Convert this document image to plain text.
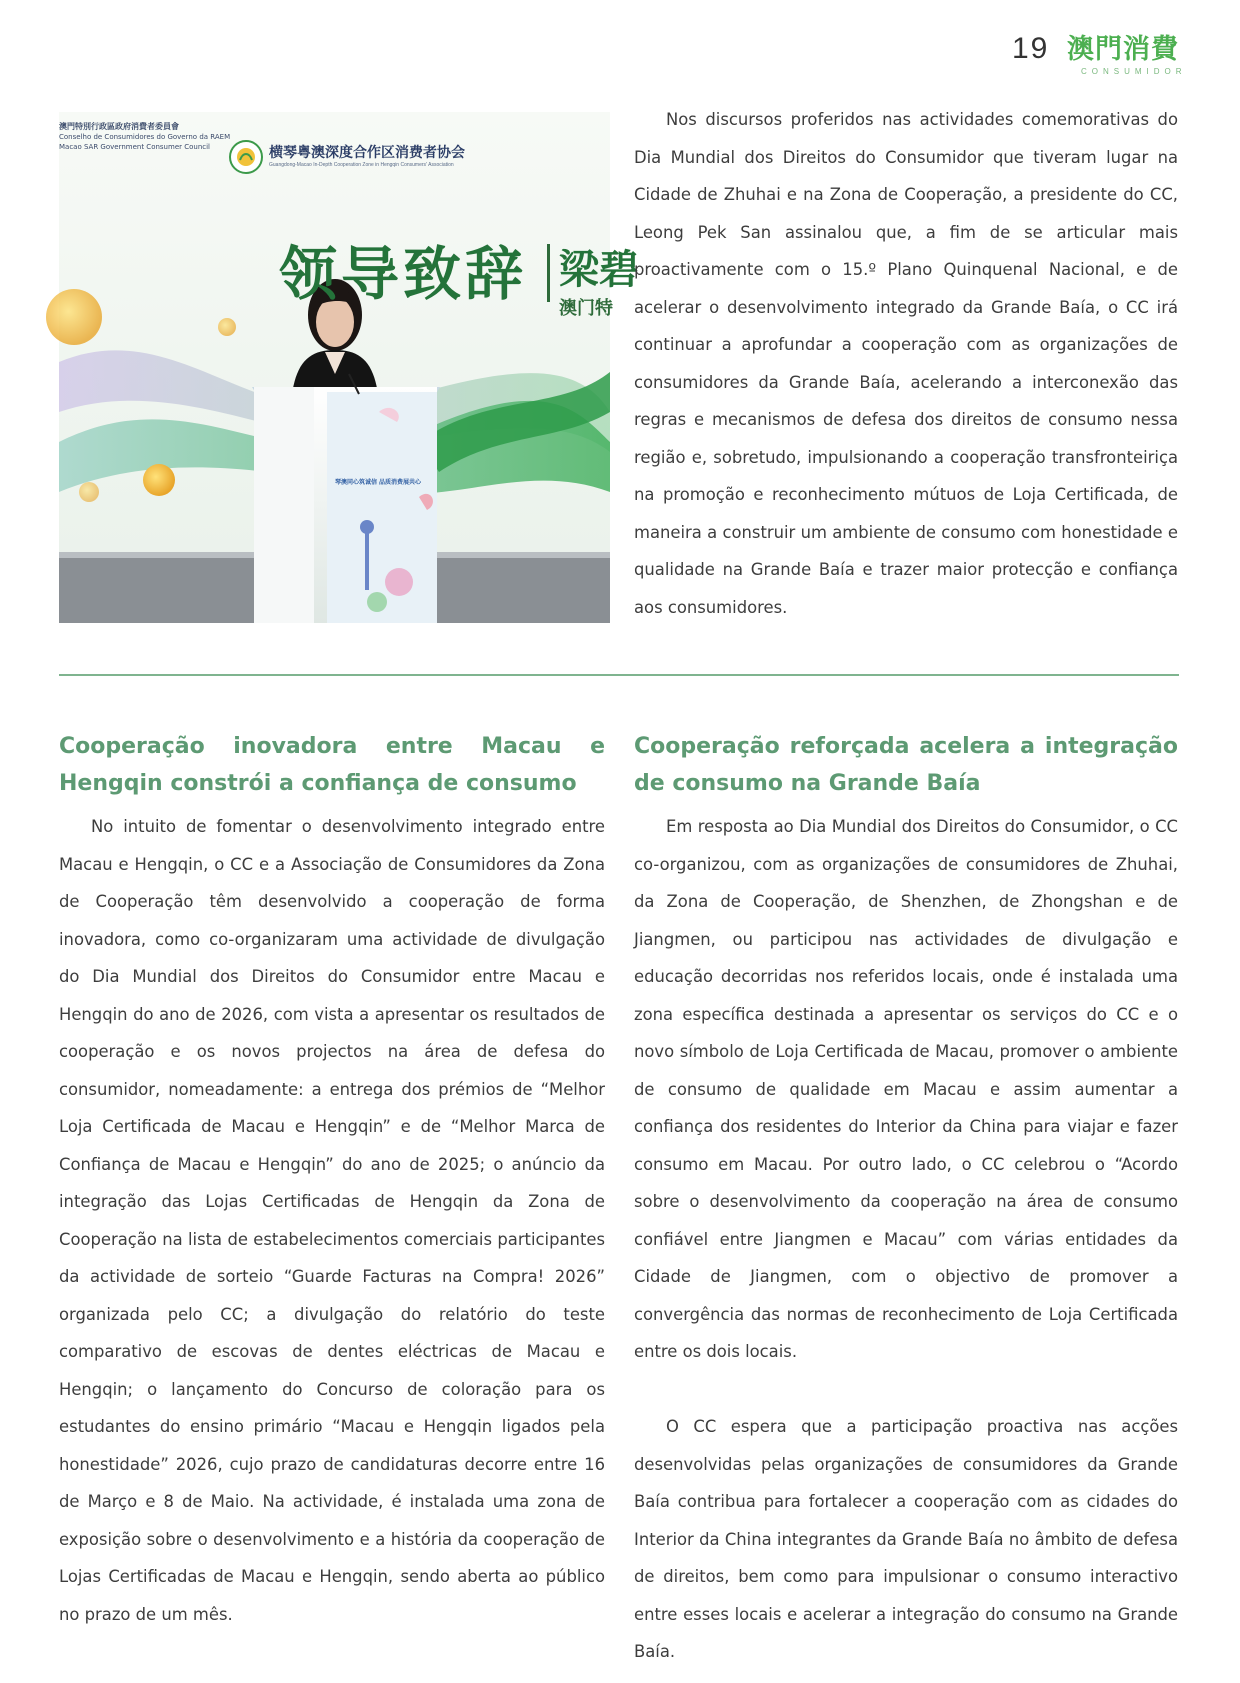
19 澳門消費
CONSUMIDOR
澳門特別行政區政府消費者委員會
Conselho de Consumidores do Governo da RAEM
Macao SAR Government Consumer Council	横琴粤澳深度合作区消费者协会
Guangdong-Macao In-Depth Cooperation Zone in Hengqin Consumers' Association
领导致辞 梁碧
澳门特
琴澳同心筑诚信 品质消费展共心

Nos discursos proferidos nas actividades comemorativas do Dia Mundial dos Direitos do Consumidor que tiveram lugar na Cidade de Zhuhai e na Zona de Cooperação, a presidente do CC, Leong Pek San assinalou que, a fim de se articular mais proactivamente com o 15.º Plano Quinquenal Nacional, e de acelerar o desenvolvimento integrado da Grande Baía, o CC irá continuar a aprofundar a cooperação com as organizações de consumidores da Grande Baía, acelerando a interconexão das regras e mecanismos de defesa dos direitos de consumo nessa região e, sobretudo, impulsionando a cooperação transfronteiriça na promoção e reconhecimento mútuos de Loja Certificada, de maneira a construir um ambiente de consumo com honestidade e qualidade na Grande Baía e trazer maior protecção e confiança aos consumidores.

Cooperação inovadora entre Macau e Hengqin constrói a confiança de consumo

No intuito de fomentar o desenvolvimento integrado entre Macau e Hengqin, o CC e a Associação de Consumidores da Zona de Cooperação têm desenvolvido a cooperação de forma inovadora, como co-organizaram uma actividade de divulgação do Dia Mundial dos Direitos do Consumidor entre Macau e Hengqin do ano de 2026, com vista a apresentar os resultados de cooperação e os novos projectos na área de defesa do consumidor, nomeadamente: a entrega dos prémios de “Melhor Loja Certificada de Macau e Hengqin” e de “Melhor Marca de Confiança de Macau e Hengqin” do ano de 2025; o anúncio da integração das Lojas Certificadas de Hengqin da Zona de Cooperação na lista de estabelecimentos comerciais participantes da actividade de sorteio “Guarde Facturas na Compra! 2026” organizada pelo CC; a divulgação do relatório do teste comparativo de escovas de dentes eléctricas de Macau e Hengqin; o lançamento do Concurso de coloração para os estudantes do ensino primário “Macau e Hengqin ligados pela honestidade” 2026, cujo prazo de candidaturas decorre entre 16 de Março e 8 de Maio. Na actividade, é instalada uma zona de exposição sobre o desenvolvimento e a história da cooperação de Lojas Certificadas de Macau e Hengqin, sendo aberta ao público no prazo de um mês.

Cooperação reforçada acelera a integração de consumo na Grande Baía

Em resposta ao Dia Mundial dos Direitos do Consumidor, o CC co-organizou, com as organizações de consumidores de Zhuhai, da Zona de Cooperação, de Shenzhen, de Zhongshan e de Jiangmen, ou participou nas actividades de divulgação e educação decorridas nos referidos locais, onde é instalada uma zona específica destinada a apresentar os serviços do CC e o novo símbolo de Loja Certificada de Macau, promover o ambiente de consumo de qualidade em Macau e assim aumentar a confiança dos residentes do Interior da China para viajar e fazer consumo em Macau. Por outro lado, o CC celebrou o “Acordo sobre o desenvolvimento da cooperação na área de consumo confiável entre Jiangmen e Macau” com várias entidades da Cidade de Jiangmen, com o objectivo de promover a convergência das normas de reconhecimento de Loja Certificada entre os dois locais.

O CC espera que a participação proactiva nas acções desenvolvidas pelas organizações de consumidores da Grande Baía contribua para fortalecer a cooperação com as cidades do Interior da China integrantes da Grande Baía no âmbito de defesa de direitos, bem como para impulsionar o consumo interactivo entre esses locais e acelerar a integração do consumo na Grande Baía.
